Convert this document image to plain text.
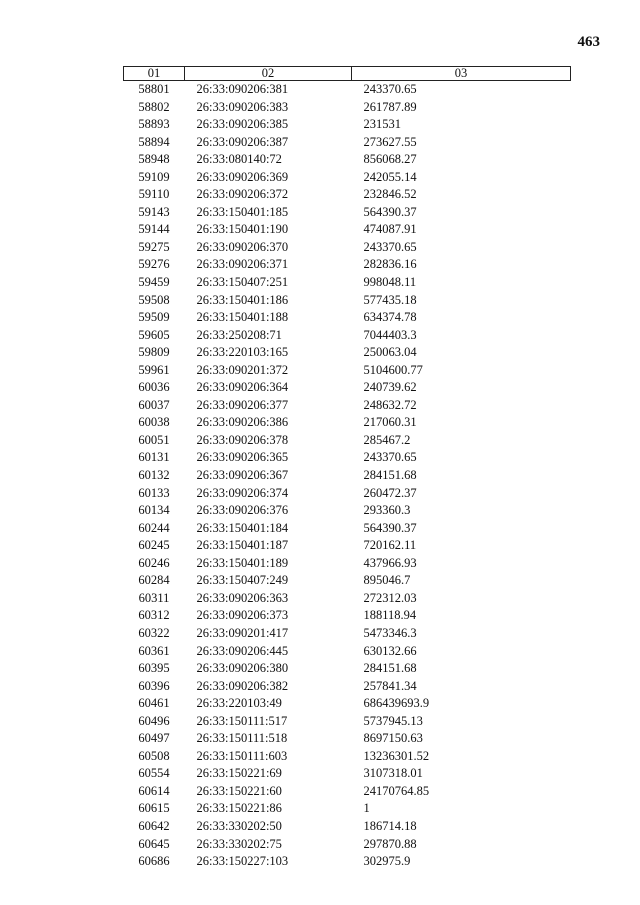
463
01	02	03
58801	26:33:090206:381	243370.65
58802	26:33:090206:383	261787.89
58893	26:33:090206:385	231531
58894	26:33:090206:387	273627.55
58948	26:33:080140:72	856068.27
59109	26:33:090206:369	242055.14
59110	26:33:090206:372	232846.52
59143	26:33:150401:185	564390.37
59144	26:33:150401:190	474087.91
59275	26:33:090206:370	243370.65
59276	26:33:090206:371	282836.16
59459	26:33:150407:251	998048.11
59508	26:33:150401:186	577435.18
59509	26:33:150401:188	634374.78
59605	26:33:250208:71	7044403.3
59809	26:33:220103:165	250063.04
59961	26:33:090201:372	5104600.77
60036	26:33:090206:364	240739.62
60037	26:33:090206:377	248632.72
60038	26:33:090206:386	217060.31
60051	26:33:090206:378	285467.2
60131	26:33:090206:365	243370.65
60132	26:33:090206:367	284151.68
60133	26:33:090206:374	260472.37
60134	26:33:090206:376	293360.3
60244	26:33:150401:184	564390.37
60245	26:33:150401:187	720162.11
60246	26:33:150401:189	437966.93
60284	26:33:150407:249	895046.7
60311	26:33:090206:363	272312.03
60312	26:33:090206:373	188118.94
60322	26:33:090201:417	5473346.3
60361	26:33:090206:445	630132.66
60395	26:33:090206:380	284151.68
60396	26:33:090206:382	257841.34
60461	26:33:220103:49	686439693.9
60496	26:33:150111:517	5737945.13
60497	26:33:150111:518	8697150.63
60508	26:33:150111:603	13236301.52
60554	26:33:150221:69	3107318.01
60614	26:33:150221:60	24170764.85
60615	26:33:150221:86	1
60642	26:33:330202:50	186714.18
60645	26:33:330202:75	297870.88
60686	26:33:150227:103	302975.9
